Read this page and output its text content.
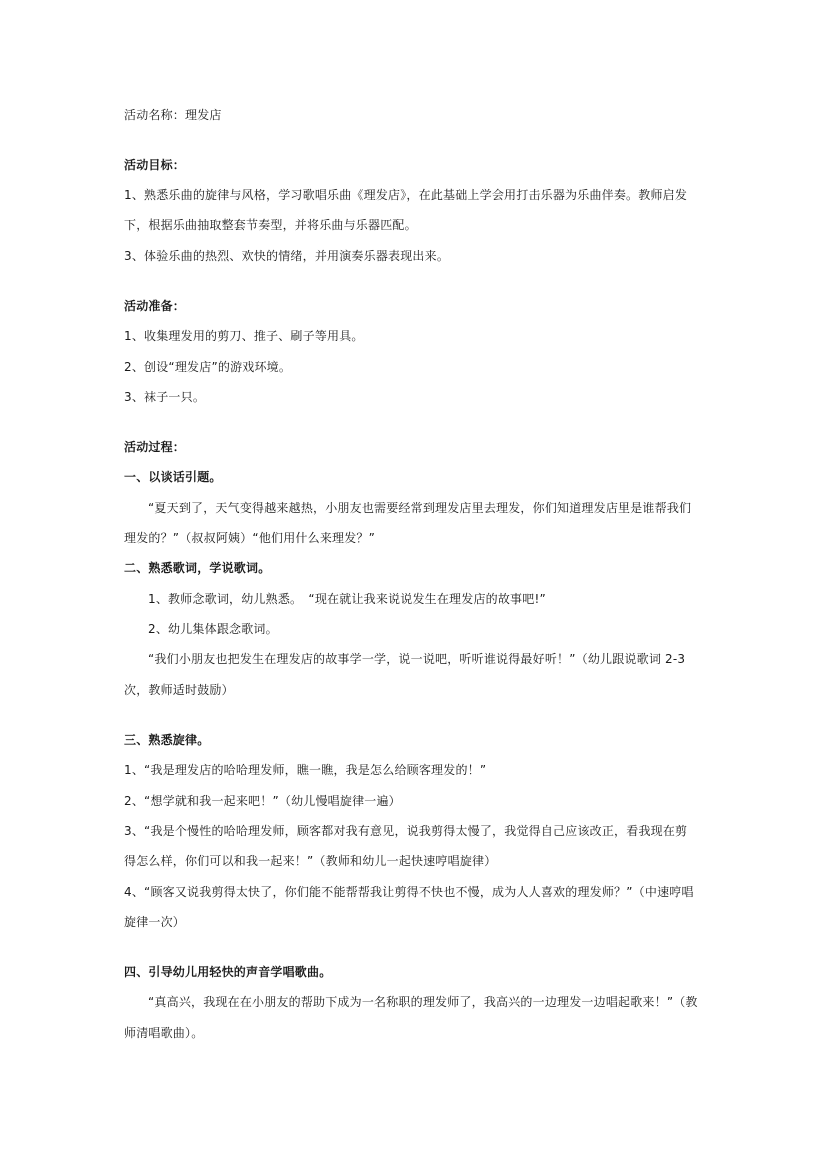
活动名称：理发店
活动目标：
1、熟悉乐曲的旋律与风格，学习歌唱乐曲《理发店》，在此基础上学会用打击乐器为乐曲伴奏。教师启发
下，根据乐曲抽取整套节奏型，并将乐曲与乐器匹配。
3、体验乐曲的热烈、欢快的情绪，并用演奏乐器表现出来。
活动准备：
1、收集理发用的剪刀、推子、刷子等用具。
2、创设“理发店”的游戏环境。
3、袜子一只。
活动过程：
一、以谈话引题。
“夏天到了，天气变得越来越热，小朋友也需要经常到理发店里去理发，你们知道理发店里是谁帮我们
理发的？”（叔叔阿姨）“他们用什么来理发？”
二、熟悉歌词，学说歌词。
1、教师念歌词，幼儿熟悉。　“现在就让我来说说发生在理发店的故事吧!”
2、幼儿集体跟念歌词。
“我们小朋友也把发生在理发店的故事学一学，说一说吧，听听谁说得最好听！”（幼儿跟说歌词 2-3
次，教师适时鼓励）
三、熟悉旋律。
1、“我是理发店的哈哈理发师，瞧一瞧，我是怎么给顾客理发的！”
2、“想学就和我一起来吧！”（幼儿慢唱旋律一遍）
3、“我是个慢性的哈哈理发师，顾客都对我有意见，说我剪得太慢了，我觉得自己应该改正，看我现在剪
得怎么样，你们可以和我一起来！”（教师和幼儿一起快速哼唱旋律）
4、“顾客又说我剪得太快了，你们能不能帮帮我让剪得不快也不慢，成为人人喜欢的理发师？”（中速哼唱
旋律一次）
四、引导幼儿用轻快的声音学唱歌曲。
“真高兴，我现在在小朋友的帮助下成为一名称职的理发师了，我高兴的一边理发一边唱起歌来！”（教
师清唱歌曲）。
